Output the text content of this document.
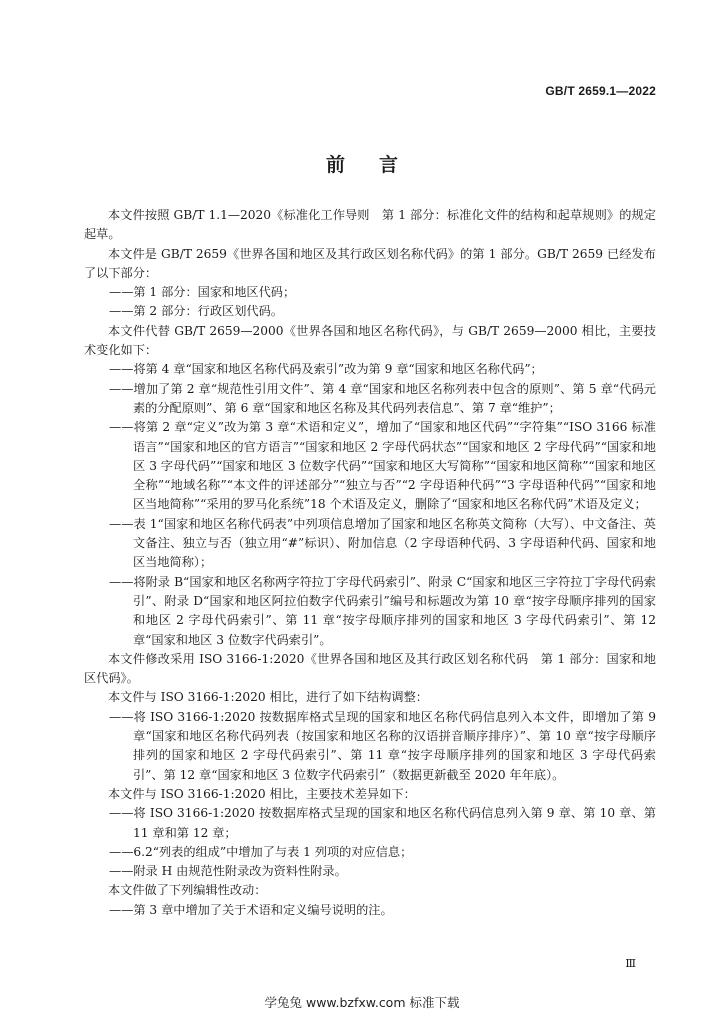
GB/T 2659.1—2022
前言

本文件按照 GB/T 1.1—2020《标准化工作导则　第 1 部分：标准化文件的结构和起草规则》的规定起草。

本文件是 GB/T 2659《世界各国和地区及其行政区划名称代码》的第 1 部分。GB/T 2659 已经发布了以下部分：

——第 1 部分：国家和地区代码；

——第 2 部分：行政区划代码。

本文件代替 GB/T 2659—2000《世界各国和地区名称代码》，与 GB/T 2659—2000 相比，主要技术变化如下：

——将第 4 章“国家和地区名称代码及索引”改为第 9 章“国家和地区名称代码”；

——增加了第 2 章“规范性引用文件”、第 4 章“国家和地区名称列表中包含的原则”、第 5 章“代码元素的分配原则”、第 6 章“国家和地区名称及其代码列表信息”、第 7 章“维护”；

——将第 2 章“定义”改为第 3 章“术语和定义”，增加了“国家和地区代码”“字符集”“ISO 3166 标准语言”“国家和地区的官方语言”“国家和地区 2 字母代码状态”“国家和地区 2 字母代码”“国家和地区 3 字母代码”“国家和地区 3 位数字代码”“国家和地区大写简称”“国家和地区简称”“国家和地区全称”“地域名称”“本文件的评述部分”“独立与否”“2 字母语种代码”“3 字母语种代码”“国家和地区当地简称”“采用的罗马化系统”18 个术语及定义，删除了“国家和地区名称代码”术语及定义；

——表 1“国家和地区名称代码表”中列项信息增加了国家和地区名称英文简称（大写）、中文备注、英文备注、独立与否（独立用“#”标识）、附加信息（2 字母语种代码、3 字母语种代码、国家和地区当地简称）；

——将附录 B“国家和地区名称两字符拉丁字母代码索引”、附录 C“国家和地区三字符拉丁字母代码索引”、附录 D“国家和地区阿拉伯数字代码索引”编号和标题改为第 10 章“按字母顺序排列的国家和地区 2 字母代码索引”、第 11 章“按字母顺序排列的国家和地区 3 字母代码索引”、第 12 章“国家和地区 3 位数字代码索引”。

本文件修改采用 ISO 3166-1:2020《世界各国和地区及其行政区划名称代码　第 1 部分：国家和地区代码》。

本文件与 ISO 3166-1:2020 相比，进行了如下结构调整：

——将 ISO 3166-1:2020 按数据库格式呈现的国家和地区名称代码信息列入本文件，即增加了第 9 章“国家和地区名称代码列表（按国家和地区名称的汉语拼音顺序排序）”、第 10 章“按字母顺序排列的国家和地区 2 字母代码索引”、第 11 章“按字母顺序排列的国家和地区 3 字母代码索引”、第 12 章“国家和地区 3 位数字代码索引”（数据更新截至 2020 年年底）。

本文件与 ISO 3166-1:2020 相比，主要技术差异如下：

——将 ISO 3166-1:2020 按数据库格式呈现的国家和地区名称代码信息列入第 9 章、第 10 章、第 11 章和第 12 章；

——6.2“列表的组成”中增加了与表 1 列项的对应信息；

——附录 H 由规范性附录改为资料性附录。

本文件做了下列编辑性改动：

——第 3 章中增加了关于术语和定义编号说明的注。

Ⅲ
学兔兔 www.bzfxw.com 标准下载
